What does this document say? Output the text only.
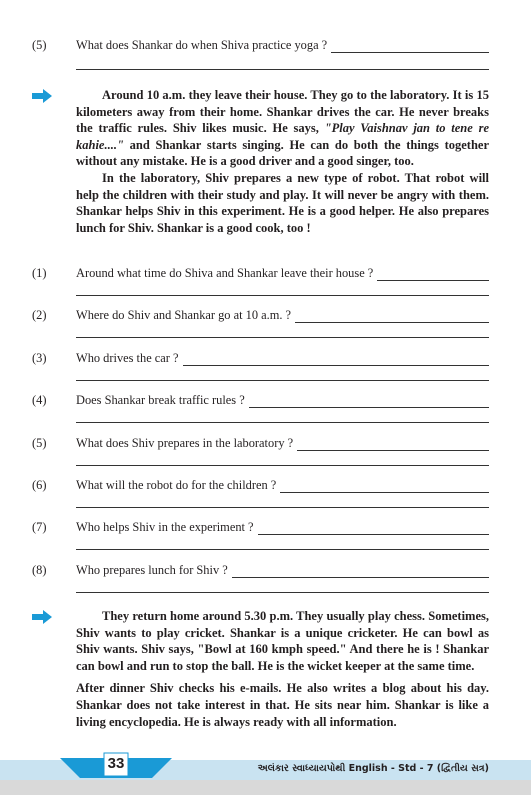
(5) What does Shankar do when Shiva practice yoga ?

Around 10 a.m. they leave their house. They go to the laboratory. It is 15 kilometers away from their home. Shankar drives the car. He never breaks the traffic rules. Shiv likes music. He says, "Play Vaishnav jan to tene re kahie...." and Shankar starts singing. He can do both the things together without any mistake. He is a good driver and a good singer, too.

In the laboratory, Shiv prepares a new type of robot. That robot will help the children with their study and play. It will never be angry with them. Shankar helps Shiv in this experiment. He is a good helper. He also prepares lunch for Shiv. Shankar is a good cook, too !

(1) Around what time do Shiva and Shankar leave their house ?
(2) Where do Shiv and Shankar go at 10 a.m. ?
(3) Who drives the car ?
(4) Does Shankar break traffic rules ?
(5) What does Shiv prepares in the laboratory ?
(6) What will the robot do for the children ?
(7) Who helps Shiv in the experiment ?
(8) Who prepares lunch for Shiv ?

They return home around 5.30 p.m. They usually play chess. Sometimes, Shiv wants to play cricket. Shankar is a unique cricketer. He can bowl as Shiv wants. Shiv says, "Bowl at 160 kmph speed." And there he is ! Shankar can bowl and run to stop the ball. He is the wicket keeper at the same time.

After dinner Shiv checks his e-mails. He also writes a blog about his day. Shankar does not take interest in that. He sits near him. Shankar is like a living encyclopedia. He is always ready with all information.

33	અલંકાર સ્વાધ્યાયપોથી English - Std - 7 (દ્વિતીય સત્ર)
